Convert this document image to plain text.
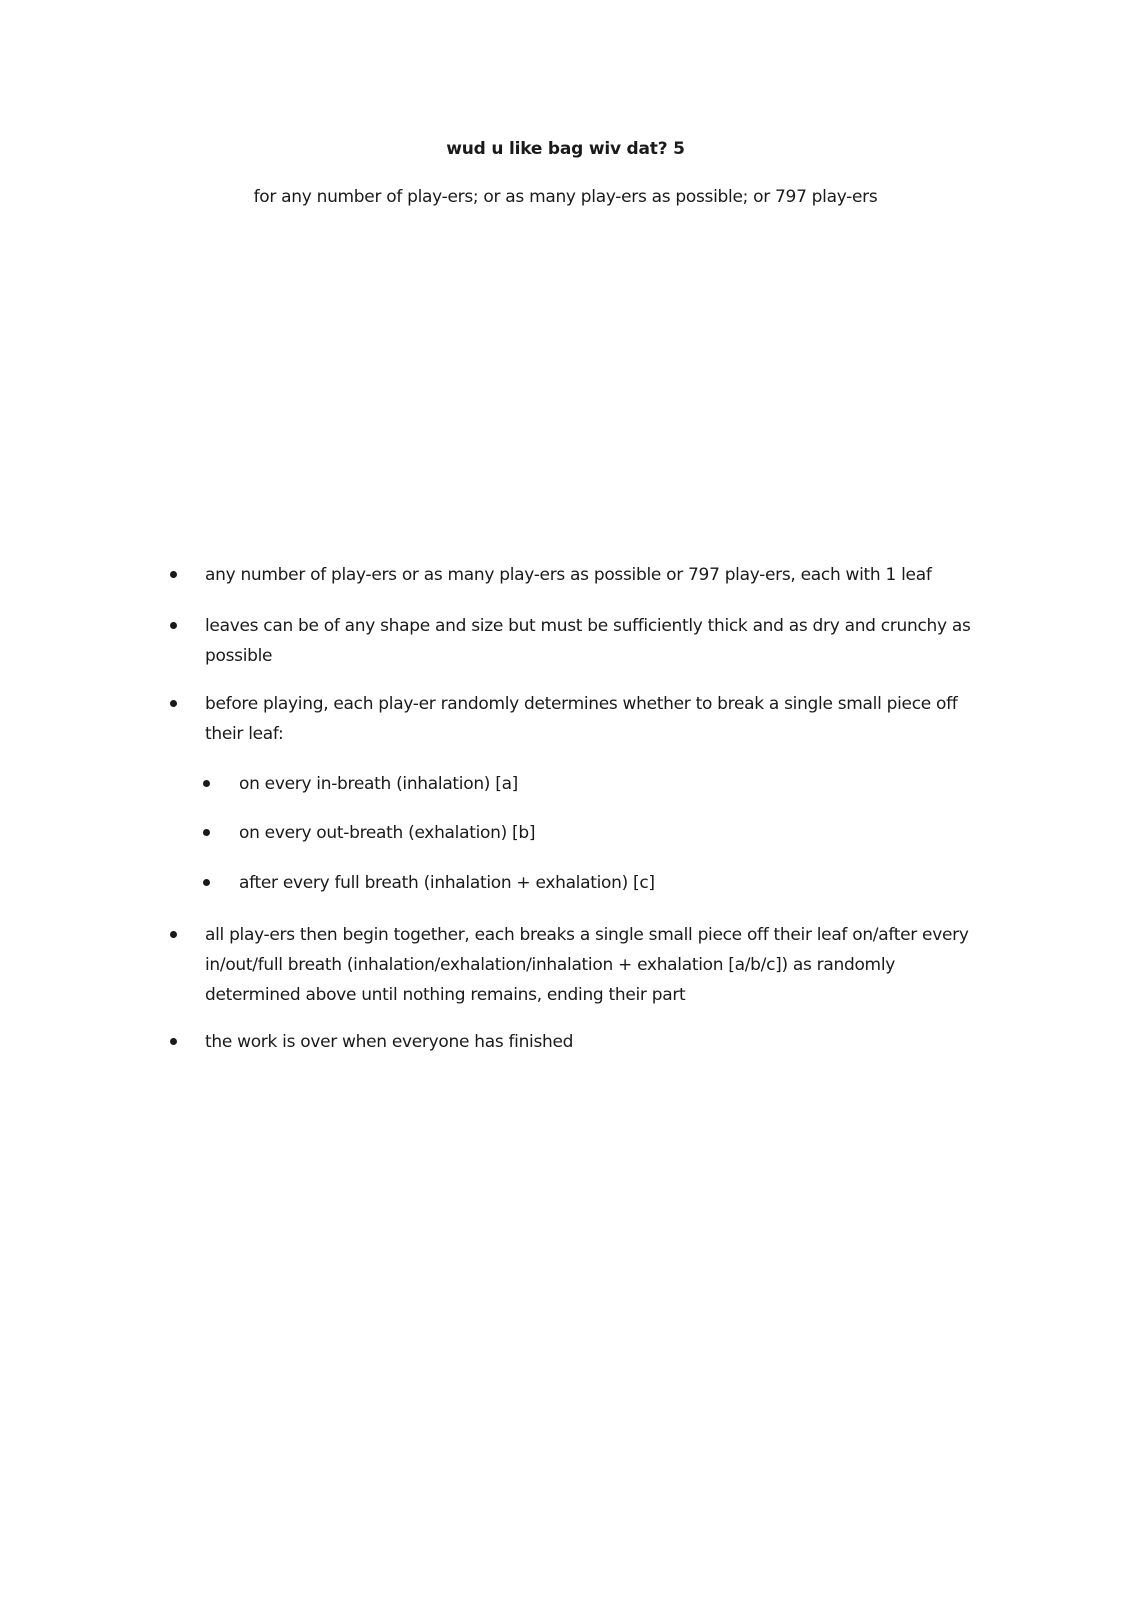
wud u like bag wiv dat? 5
for any number of play-ers; or as many play-ers as possible; or 797 play-ers
any number of play-ers or as many play-ers as possible or 797 play-ers, each with 1 leaf
leaves can be of any shape and size but must be sufficiently thick and as dry and crunchy as possible
before playing, each play-er randomly determines whether to break a single small piece off their leaf:
on every in-breath (inhalation) [a]
on every out-breath (exhalation) [b]
after every full breath (inhalation + exhalation) [c]
all play-ers then begin together, each breaks a single small piece off their leaf on/after every in/out/full breath (inhalation/exhalation/inhalation + exhalation [a/b/c]) as randomly determined above until nothing remains, ending their part
the work is over when everyone has finished
